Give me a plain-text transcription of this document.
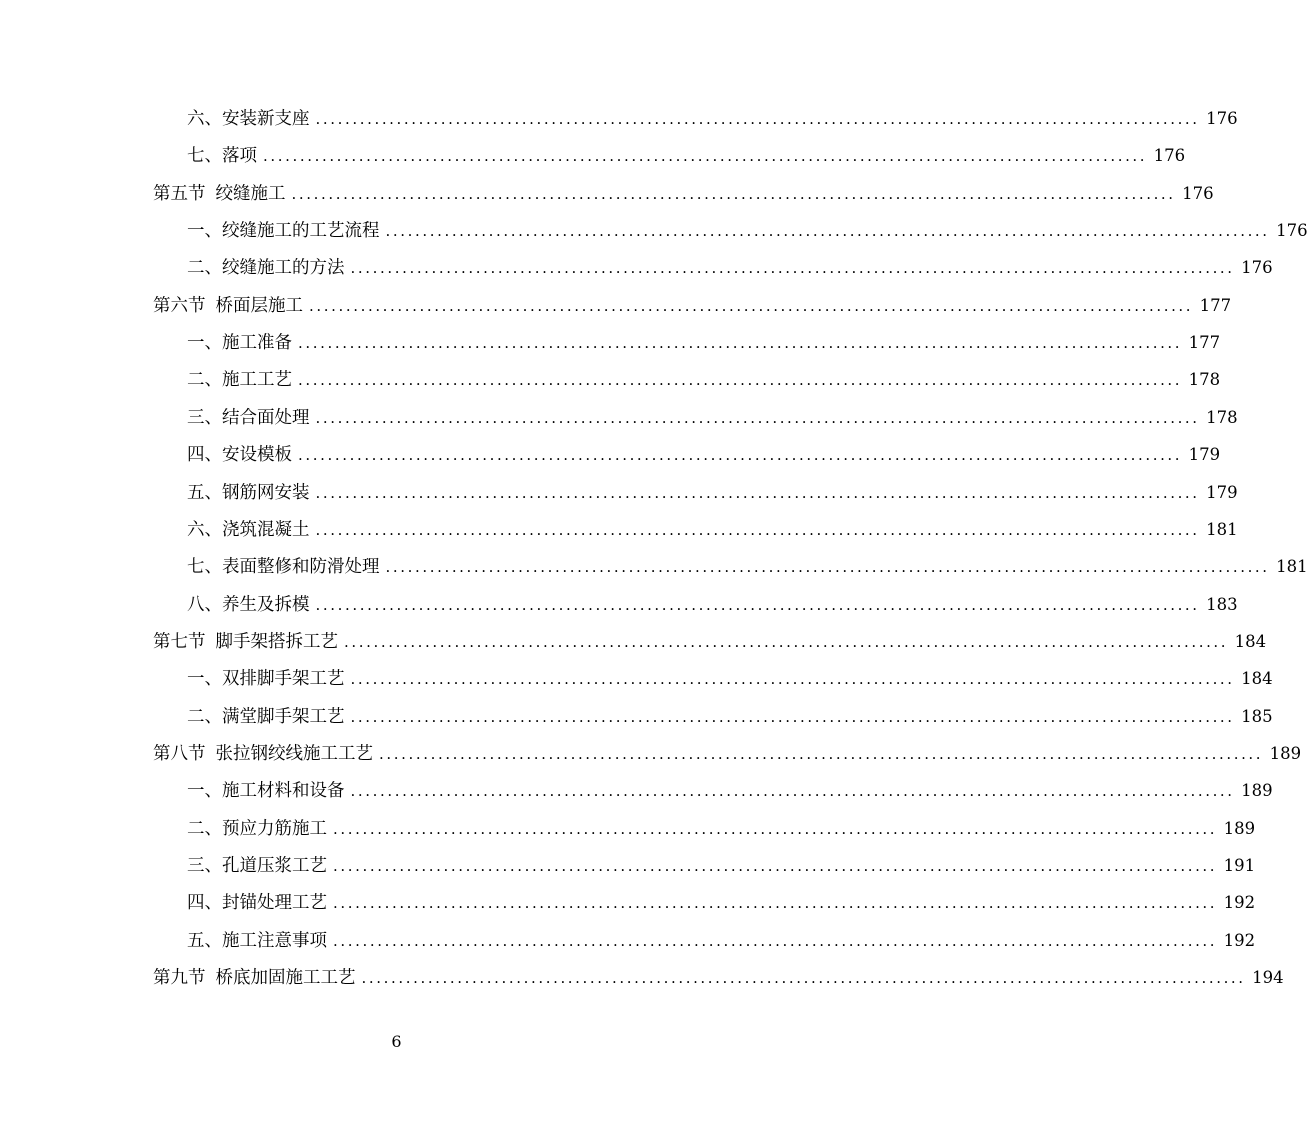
六、安装新支座 ........................................................................................................................ 176
七、落项 ........................................................................................................................ 176
第五节 绞缝施工 ........................................................................................................................ 176
一、绞缝施工的工艺流程 ........................................................................................................................ 176
二、绞缝施工的方法 ........................................................................................................................ 176
第六节 桥面层施工 ........................................................................................................................ 177
一、施工准备 ........................................................................................................................ 177
二、施工工艺 ........................................................................................................................ 178
三、结合面处理 ........................................................................................................................ 178
四、安设模板 ........................................................................................................................ 179
五、钢筋网安装 ........................................................................................................................ 179
六、浇筑混凝土 ........................................................................................................................ 181
七、表面整修和防滑处理 ........................................................................................................................ 181
八、养生及拆模 ........................................................................................................................ 183
第七节 脚手架搭拆工艺 ........................................................................................................................ 184
一、双排脚手架工艺 ........................................................................................................................ 184
二、满堂脚手架工艺 ........................................................................................................................ 185
第八节 张拉钢绞线施工工艺 ........................................................................................................................ 189
一、施工材料和设备 ........................................................................................................................ 189
二、预应力筋施工 ........................................................................................................................ 189
三、孔道压浆工艺 ........................................................................................................................ 191
四、封锚处理工艺 ........................................................................................................................ 192
五、施工注意事项 ........................................................................................................................ 192
第九节 桥底加固施工工艺 ........................................................................................................................ 194
6
